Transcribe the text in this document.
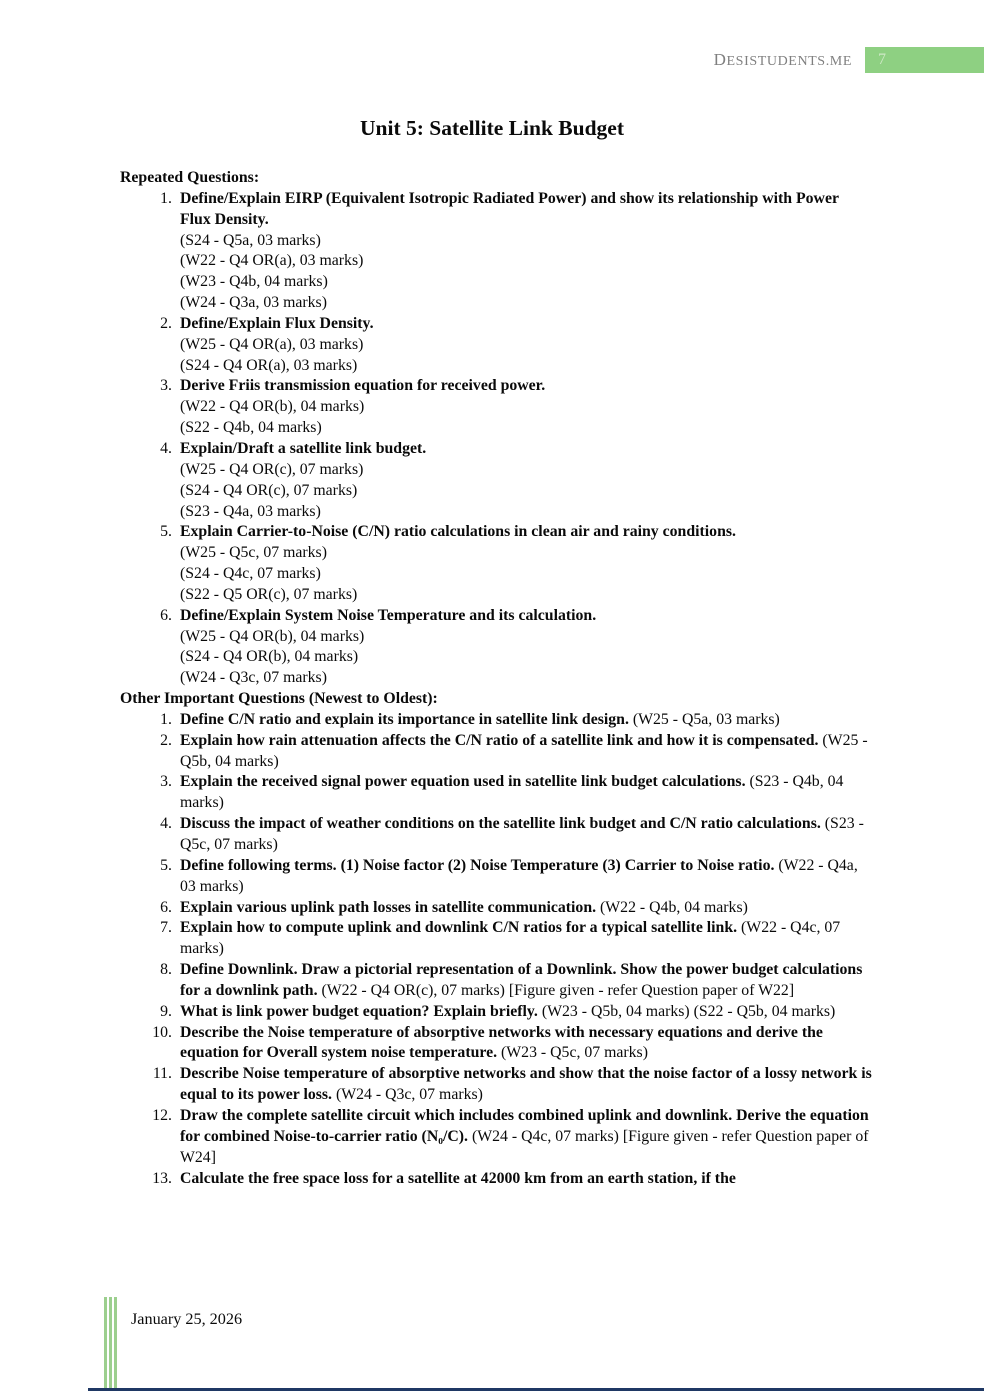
DESISTUDENTS.ME	7
Unit 5: Satellite Link Budget
Repeated Questions:
1. Define/Explain EIRP (Equivalent Isotropic Radiated Power) and show its relationship with Power Flux Density.
(S24 - Q5a, 03 marks)
(W22 - Q4 OR(a), 03 marks)
(W23 - Q4b, 04 marks)
(W24 - Q3a, 03 marks)
2. Define/Explain Flux Density.
(W25 - Q4 OR(a), 03 marks)
(S24 - Q4 OR(a), 03 marks)
3. Derive Friis transmission equation for received power.
(W22 - Q4 OR(b), 04 marks)
(S22 - Q4b, 04 marks)
4. Explain/Draft a satellite link budget.
(W25 - Q4 OR(c), 07 marks)
(S24 - Q4 OR(c), 07 marks)
(S23 - Q4a, 03 marks)
5. Explain Carrier-to-Noise (C/N) ratio calculations in clean air and rainy conditions.
(W25 - Q5c, 07 marks)
(S24 - Q4c, 07 marks)
(S22 - Q5 OR(c), 07 marks)
6. Define/Explain System Noise Temperature and its calculation.
(W25 - Q4 OR(b), 04 marks)
(S24 - Q4 OR(b), 04 marks)
(W24 - Q3c, 07 marks)
Other Important Questions (Newest to Oldest):
1. Define C/N ratio and explain its importance in satellite link design. (W25 - Q5a, 03 marks)
2. Explain how rain attenuation affects the C/N ratio of a satellite link and how it is compensated. (W25 - Q5b, 04 marks)
3. Explain the received signal power equation used in satellite link budget calculations. (S23 - Q4b, 04 marks)
4. Discuss the impact of weather conditions on the satellite link budget and C/N ratio calculations. (S23 - Q5c, 07 marks)
5. Define following terms. (1) Noise factor (2) Noise Temperature (3) Carrier to Noise ratio. (W22 - Q4a, 03 marks)
6. Explain various uplink path losses in satellite communication. (W22 - Q4b, 04 marks)
7. Explain how to compute uplink and downlink C/N ratios for a typical satellite link. (W22 - Q4c, 07 marks)
8. Define Downlink. Draw a pictorial representation of a Downlink. Show the power budget calculations for a downlink path. (W22 - Q4 OR(c), 07 marks) [Figure given - refer Question paper of W22]
9. What is link power budget equation? Explain briefly. (W23 - Q5b, 04 marks) (S22 - Q5b, 04 marks)
10. Describe the Noise temperature of absorptive networks with necessary equations and derive the equation for Overall system noise temperature. (W23 - Q5c, 07 marks)
11. Describe Noise temperature of absorptive networks and show that the noise factor of a lossy network is equal to its power loss. (W24 - Q3c, 07 marks)
12. Draw the complete satellite circuit which includes combined uplink and downlink. Derive the equation for combined Noise-to-carrier ratio (N₀/C). (W24 - Q4c, 07 marks) [Figure given - refer Question paper of W24]
13. Calculate the free space loss for a satellite at 42000 km from an earth station, if the
January 25, 2026
